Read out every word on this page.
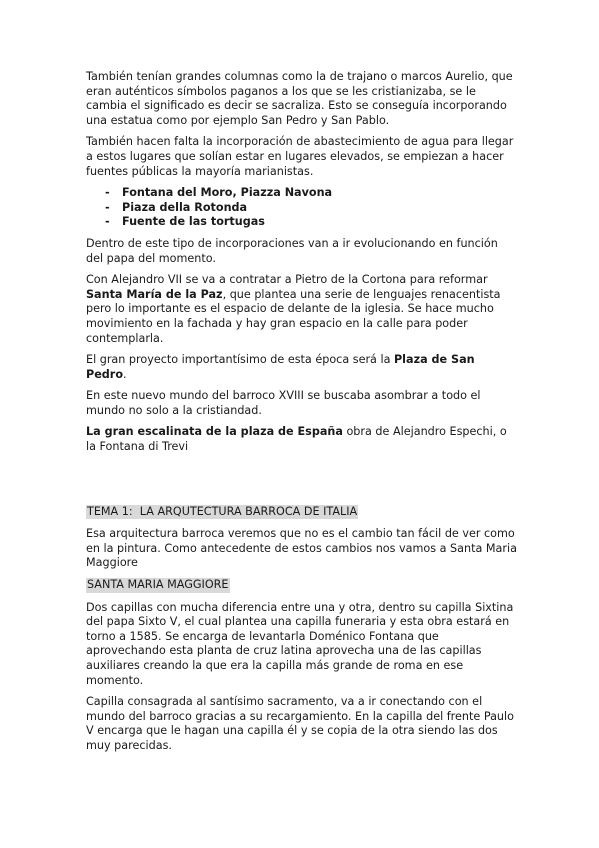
También tenían grandes columnas como la de trajano o marcos Aurelio, que eran auténticos símbolos paganos a los que se les cristianizaba, se le cambia el significado es decir se sacraliza. Esto se conseguía incorporando una estatua como por ejemplo San Pedro y San Pablo.

También hacen falta la incorporación de abastecimiento de agua para llegar a estos lugares que solían estar en lugares elevados, se empiezan a hacer fuentes públicas la mayoría marianistas.

- Fontana del Moro, Piazza Navona
- Piaza della Rotonda
- Fuente de las tortugas

Dentro de este tipo de incorporaciones van a ir evolucionando en función del papa del momento.

Con Alejandro VII se va a contratar a Pietro de la Cortona para reformar Santa María de la Paz, que plantea una serie de lenguajes renacentista pero lo importante es el espacio de delante de la iglesia. Se hace mucho movimiento en la fachada y hay gran espacio en la calle para poder contemplarla.

El gran proyecto importantísimo de esta época será la Plaza de San Pedro.

En este nuevo mundo del barroco XVIII se buscaba asombrar a todo el mundo no solo a la cristiandad.

La gran escalinata de la plaza de España obra de Alejandro Espechi, o la Fontana di Trevi

TEMA 1:  LA ARQUTECTURA BARROCA DE ITALIA

Esa arquitectura barroca veremos que no es el cambio tan fácil de ver como en la pintura. Como antecedente de estos cambios nos vamos a Santa Maria Maggiore

SANTA MARIA MAGGIORE

Dos capillas con mucha diferencia entre una y otra, dentro su capilla Sixtina del papa Sixto V, el cual plantea una capilla funeraria y esta obra estará en torno a 1585. Se encarga de levantarla Doménico Fontana que aprovechando esta planta de cruz latina aprovecha una de las capillas auxiliares creando la que era la capilla más grande de roma en ese momento.

Capilla consagrada al santísimo sacramento, va a ir conectando con el mundo del barroco gracias a su recargamiento. En la capilla del frente Paulo V encarga que le hagan una capilla él y se copia de la otra siendo las dos muy parecidas.
